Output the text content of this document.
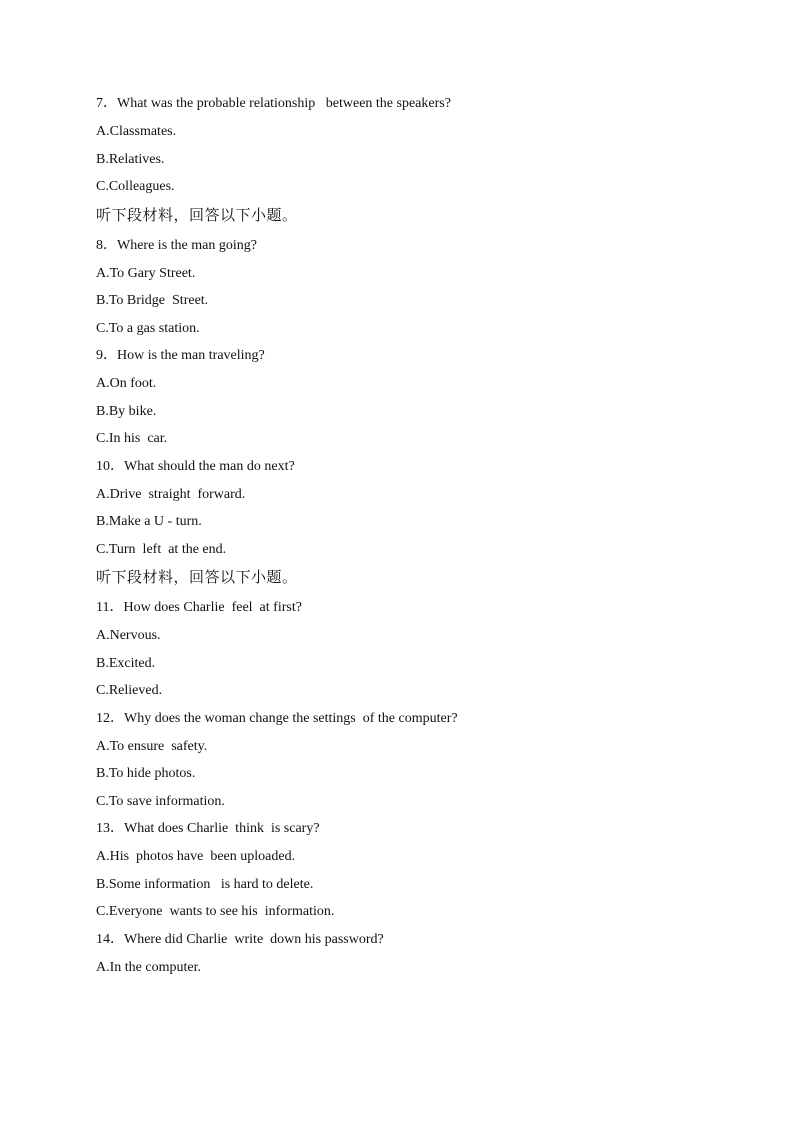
7．What was the probable relationship   between the speakers?
A.Classmates.
B.Relatives.
C.Colleagues.
听下段材料，回答以下小题。
8．Where is the man going?
A.To Gary Street.
B.To Bridge  Street.
C.To a gas station.
9．How is the man traveling?
A.On foot.
B.By bike.
C.In his  car.
10．What should the man do next?
A.Drive  straight  forward.
B.Make a U - turn.
C.Turn  left  at the end.
听下段材料，回答以下小题。
11．How does Charlie  feel  at first?
A.Nervous.
B.Excited.
C.Relieved.
12．Why does the woman change the settings  of the computer?
A.To ensure  safety.
B.To hide photos.
C.To save information.
13．What does Charlie  think  is scary?
A.His  photos have  been uploaded.
B.Some information   is hard to delete.
C.Everyone  wants to see his  information.
14．Where did Charlie  write  down his password?
A.In the computer.
